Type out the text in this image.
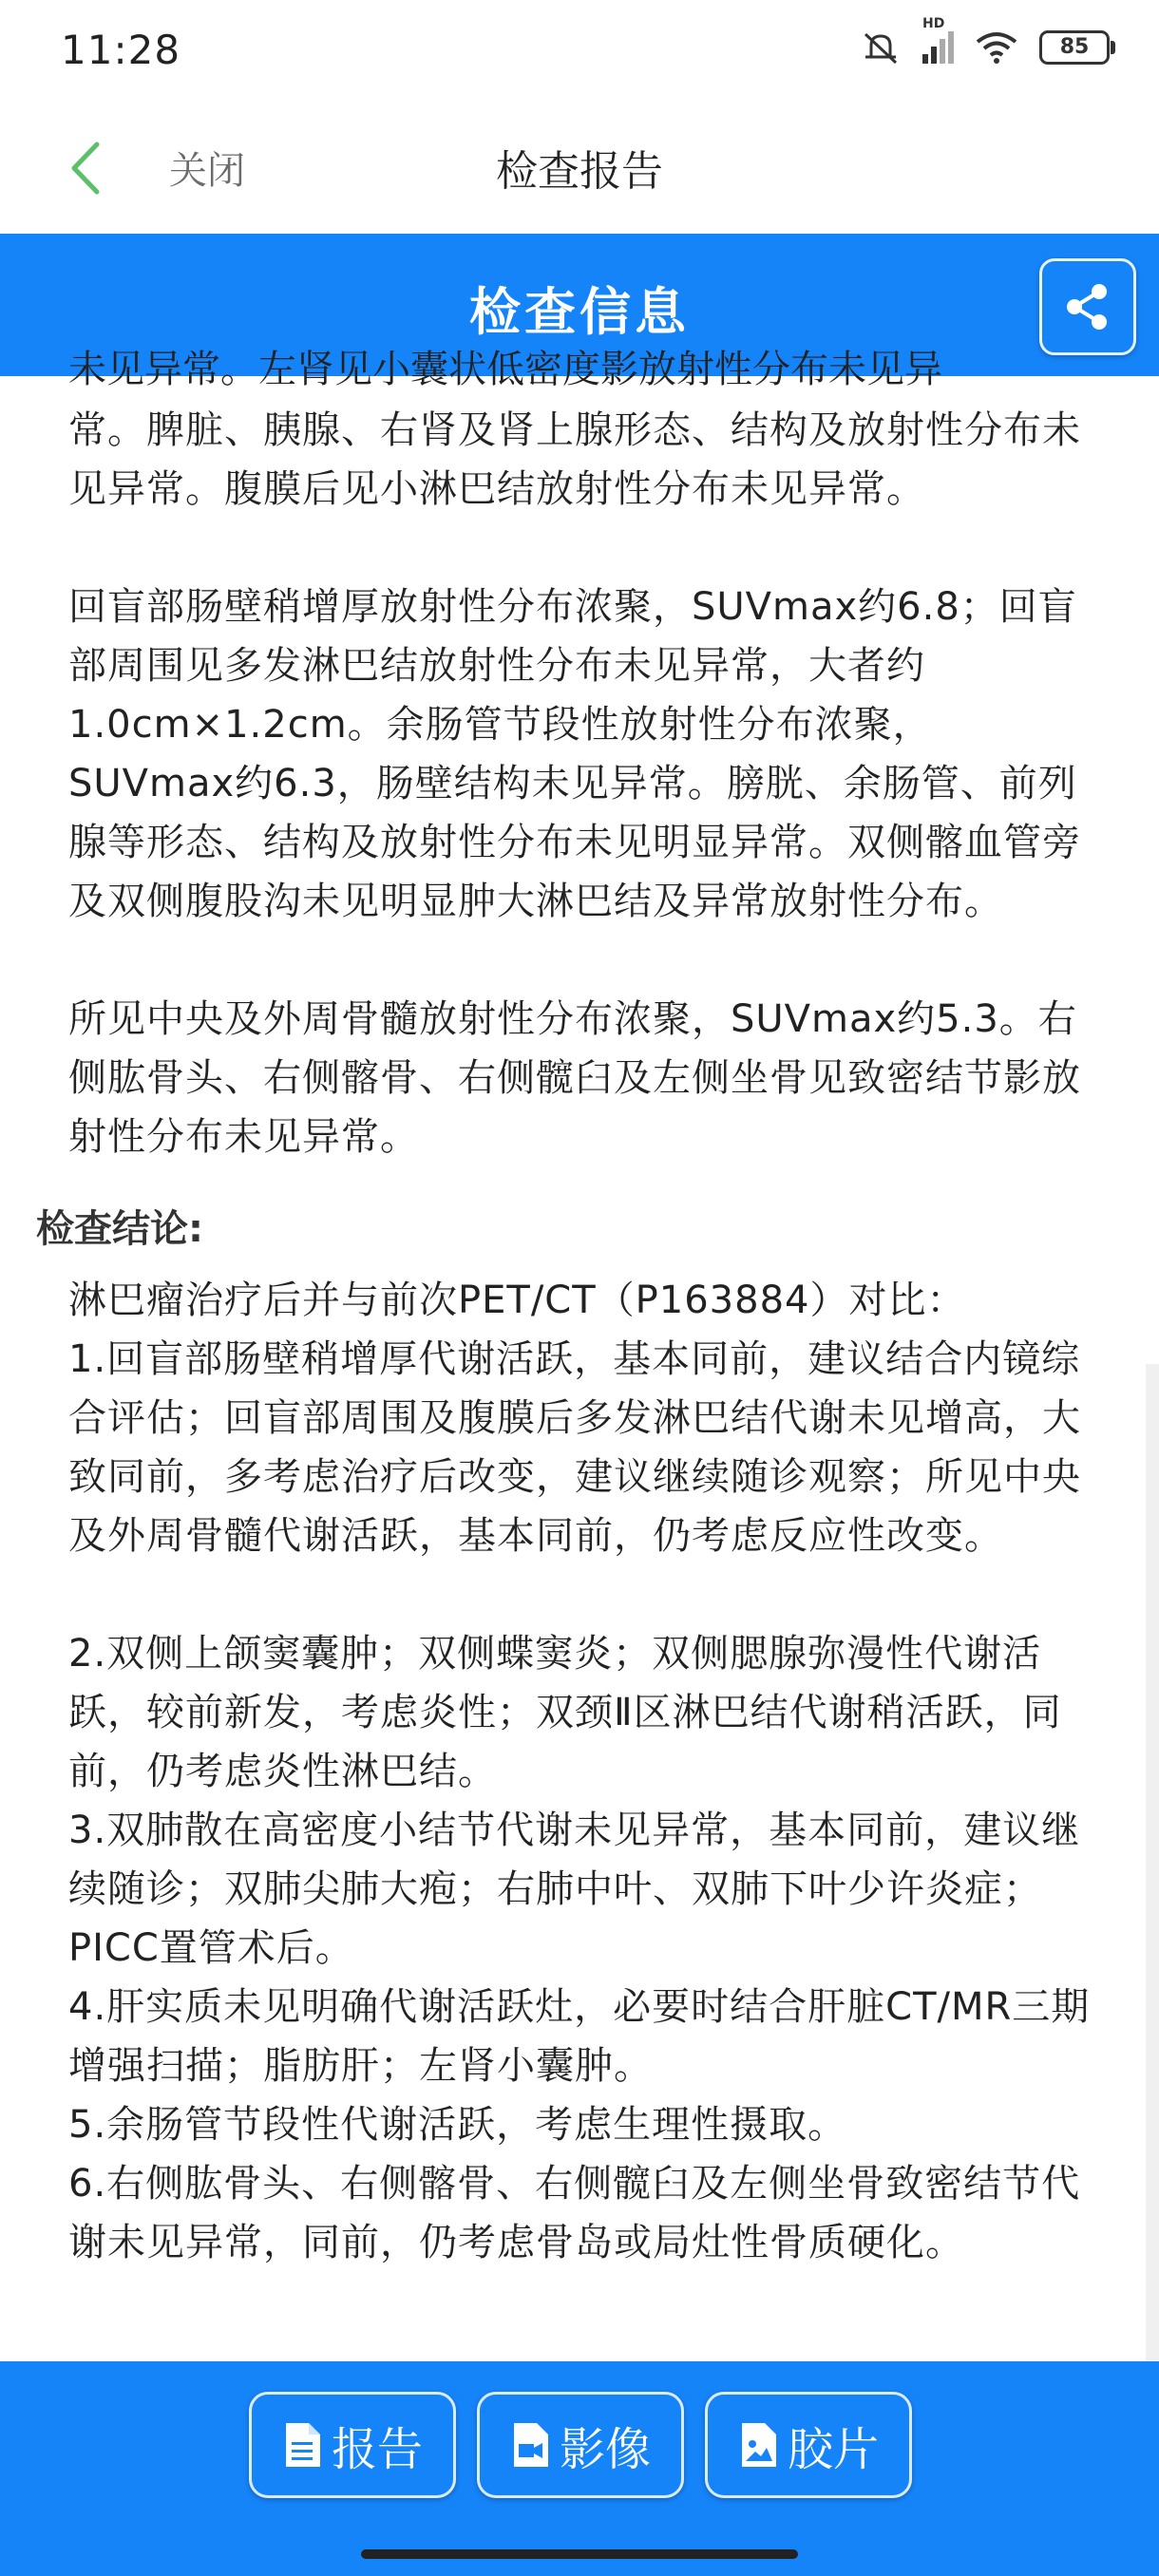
11:28
HD
85
关闭	检查报告
检查信息
未见异常。左肾见小囊状低密度影放射性分布未见异
常。脾脏、胰腺、右肾及肾上腺形态、结构及放射性分布未见异常。腹膜后见小淋巴结放射性分布未见异常。
回盲部肠壁稍增厚放射性分布浓聚，SUVmax约6.8；回盲部周围见多发淋巴结放射性分布未见异常，大者约1.0cm×1.2cm。余肠管节段性放射性分布浓聚，SUVmax约6.3，肠壁结构未见异常。膀胱、余肠管、前列腺等形态、结构及放射性分布未见明显异常。双侧髂血管旁及双侧腹股沟未见明显肿大淋巴结及异常放射性分布。
所见中央及外周骨髓放射性分布浓聚，SUVmax约5.3。右侧肱骨头、右侧髂骨、右侧髋臼及左侧坐骨见致密结节影放射性分布未见异常。
检查结论:
淋巴瘤治疗后并与前次PET/CT（P163884）对比：
1.回盲部肠壁稍增厚代谢活跃，基本同前，建议结合内镜综合评估；回盲部周围及腹膜后多发淋巴结代谢未见增高，大致同前，多考虑治疗后改变，建议继续随诊观察；所见中央及外周骨髓代谢活跃，基本同前，仍考虑反应性改变。
2.双侧上颌窦囊肿；双侧蝶窦炎；双侧腮腺弥漫性代谢活跃，较前新发，考虑炎性；双颈Ⅱ区淋巴结代谢稍活跃，同前，仍考虑炎性淋巴结。
3.双肺散在高密度小结节代谢未见异常，基本同前，建议继续随诊；双肺尖肺大疱；右肺中叶、双肺下叶少许炎症；PICC置管术后。
4.肝实质未见明确代谢活跃灶，必要时结合肝脏CT/MR三期增强扫描；脂肪肝；左肾小囊肿。
5.余肠管节段性代谢活跃，考虑生理性摄取。
6.右侧肱骨头、右侧髂骨、右侧髋臼及左侧坐骨致密结节代谢未见异常，同前，仍考虑骨岛或局灶性骨质硬化。
报告	影像	胶片
